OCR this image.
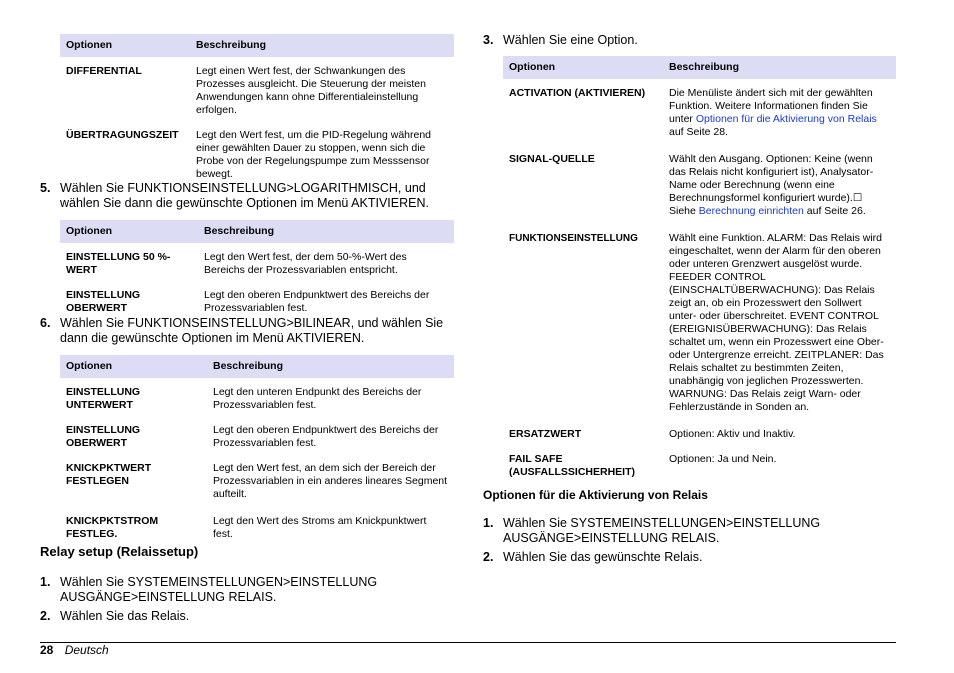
Optionen	Beschreibung
DIFFERENTIAL	Legt einen Wert fest, der Schwankungen des Prozesses ausgleicht. Die Steuerung der meisten Anwendungen kann ohne Differentialeinstellung erfolgen.
ÜBERTRAGUNGSZEIT	Legt den Wert fest, um die PID-Regelung während einer gewählten Dauer zu stoppen, wenn sich die Probe von der Regelungspumpe zum Messsensor bewegt.
5. Wählen Sie FUNKTIONSEINSTELLUNG>LOGARITHMISCH, und wählen Sie dann die gewünschte Optionen im Menü AKTIVIEREN.
Optionen	Beschreibung
EINSTELLUNG 50 %-WERT	Legt den Wert fest, der dem 50-%-Wert des Bereichs der Prozessvariablen entspricht.
EINSTELLUNG OBERWERT	Legt den oberen Endpunktwert des Bereichs der Prozessvariablen fest.
6. Wählen Sie FUNKTIONSEINSTELLUNG>BILINEAR, und wählen Sie dann die gewünschte Optionen im Menü AKTIVIEREN.
Optionen	Beschreibung
EINSTELLUNG UNTERWERT	Legt den unteren Endpunkt des Bereichs der Prozessvariablen fest.
EINSTELLUNG OBERWERT	Legt den oberen Endpunktwert des Bereichs der Prozessvariablen fest.
KNICKPKTWERT FESTLEGEN	Legt den Wert fest, an dem sich der Bereich der Prozessvariablen in ein anderes lineares Segment aufteilt.
KNICKPKTSTROM FESTLEG.	Legt den Wert des Stroms am Knickpunktwert fest.
Relay setup (Relaissetup)
1. Wählen Sie SYSTEMEINSTELLUNGEN>EINSTELLUNG AUSGÄNGE>EINSTELLUNG RELAIS.
2. Wählen Sie das Relais.
3. Wählen Sie eine Option.
Optionen	Beschreibung
ACTIVATION (AKTIVIEREN)	Die Menüliste ändert sich mit der gewählten Funktion. Weitere Informationen finden Sie unter Optionen für die Aktivierung von Relais auf Seite 28.
SIGNAL-QUELLE	Wählt den Ausgang. Optionen: Keine (wenn das Relais nicht konfiguriert ist), Analysator-Name oder Berechnung (wenn eine Berechnungsformel konfiguriert wurde).☐ Siehe Berechnung einrichten auf Seite 26.
FUNKTIONSEINSTELLUNG	Wählt eine Funktion. ALARM: Das Relais wird eingeschaltet, wenn der Alarm für den oberen oder unteren Grenzwert ausgelöst wurde. FEEDER CONTROL (EINSCHALTÜBERWACHUNG): Das Relais zeigt an, ob ein Prozesswert den Sollwert unter- oder überschreitet. EVENT CONTROL (EREIGNISÜBERWACHUNG): Das Relais schaltet um, wenn ein Prozesswert eine Ober- oder Untergrenze erreicht. ZEITPLANER: Das Relais schaltet zu bestimmten Zeiten, unabhängig von jeglichen Prozesswerten. WARNUNG: Das Relais zeigt Warn- oder Fehlerzustände in Sonden an.
ERSATZWERT	Optionen: Aktiv und Inaktiv.
FAIL SAFE (AUSFALLSSICHERHEIT)	Optionen: Ja und Nein.
Optionen für die Aktivierung von Relais
1. Wählen Sie SYSTEMEINSTELLUNGEN>EINSTELLUNG AUSGÄNGE>EINSTELLUNG RELAIS.
2. Wählen Sie das gewünschte Relais.
28 Deutsch
